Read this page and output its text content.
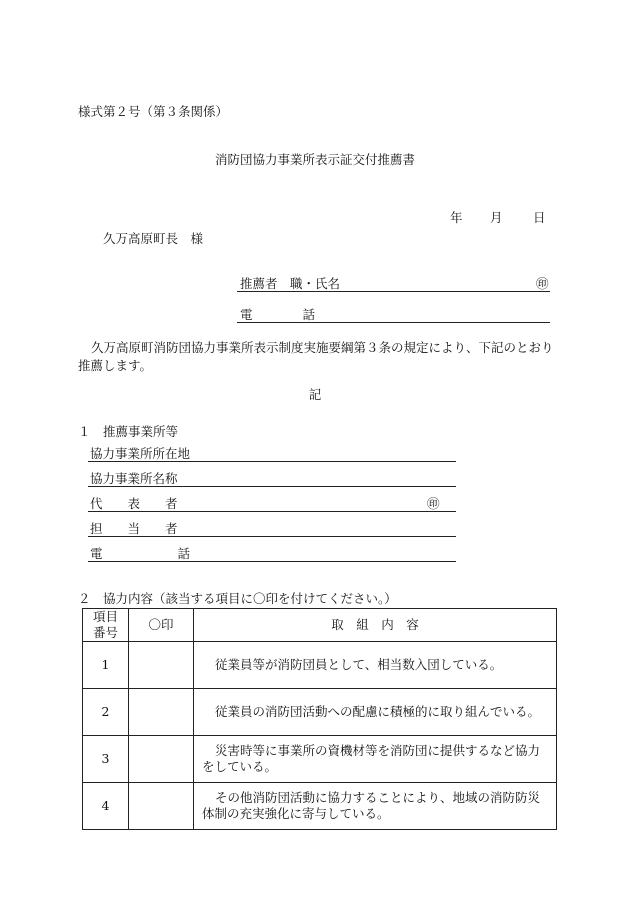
様式第２号（第３条関係）
消防団協力事業所表示証交付推薦書
年 月 日
久万高原町長　様
推薦者　職・氏名	㊞
電　　　　話
久万高原町消防団協力事業所表示制度実施要綱第３条の規定により、下記のとおり推薦します。
記
１　推薦事業所等
協力事業所所在地
協力事業所名称
代　　表　　者	㊞
担　　当　　者
電　　　　　　話
２　協力内容（該当する項目に〇印を付けてください。）
項目
番号	〇印	取　組　内　容
1		従業員等が消防団員として、相当数入団している。
2		従業員の消防団活動への配慮に積極的に取り組んでいる。
3		災害時等に事業所の資機材等を消防団に提供するなど協力をしている。
4		その他消防団活動に協力することにより、地域の消防防災体制の充実強化に寄与している。
